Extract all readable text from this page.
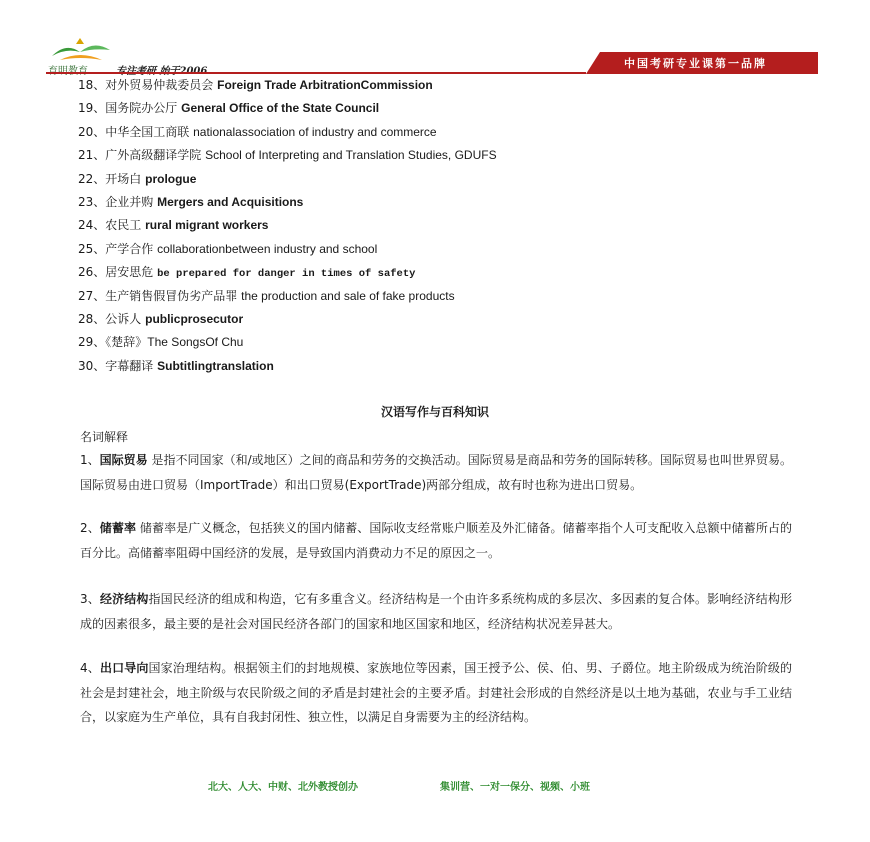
中国考研专业课第一品牌
18、对外贸易仲裁委员会 Foreign Trade ArbitrationCommission
19、国务院办公厅 General Office of the State Council
20、中华全国工商联 nationalassociation of industry and commerce
21、广外高级翻译学院 School of Interpreting and Translation Studies, GDUFS
22、开场白 prologue
23、企业并购 Mergers and Acquisitions
24、农民工 rural migrant workers
25、产学合作 collaborationbetween industry and school
26、居安思危 be prepared for danger in times of safety
27、生产销售假冒伪劣产品罪 the production and sale of fake products
28、公诉人 publicprosecutor
29、《楚辞》The SongsOf Chu
30、字幕翻译 Subtitlingtranslation
汉语写作与百科知识
名词解释
1、国际贸易 是指不同国家（和/或地区）之间的商品和劳务的交换活动。国际贸易是商品和劳务的国际转移。国际贸易也叫世界贸易。 国际贸易由进口贸易（ImportTrade）和出口贸易(ExportTrade)两部分组成，故有时也称为进出口贸易。
2、储蓄率 储蓄率是广义概念，包括狭义的国内储蓄、国际收支经常账户顺差及外汇储备。储蓄率指个人可支配收入总额中储蓄所占的百分比。高储蓄率阻碍中国经济的发展，是导致国内消费动力不足的原因之一。
3、经济结构指国民经济的组成和构造，它有多重含义。经济结构是一个由许多系统构成的多层次、多因素的复合体。影响经济结构形成的因素很多，最主要的是社会对国民经济各部门的国家和地区国家和地区，经济结构状况差异甚大。
4、出口导向国家治理结构。根据领主们的封地规模、家族地位等因素，国王授予公、侯、伯、男、子爵位。地主阶级成为统治阶级的社会是封建社会，地主阶级与农民阶级之间的矛盾是封建社会的主要矛盾。封建社会形成的自然经济是以土地为基础，农业与手工业结合，以家庭为生产单位，具有自我封闭性、独立性，以满足自身需要为主的经济结构。
北大、人大、中财、北外教授创办	集训营、一对一保分、视频、小班
